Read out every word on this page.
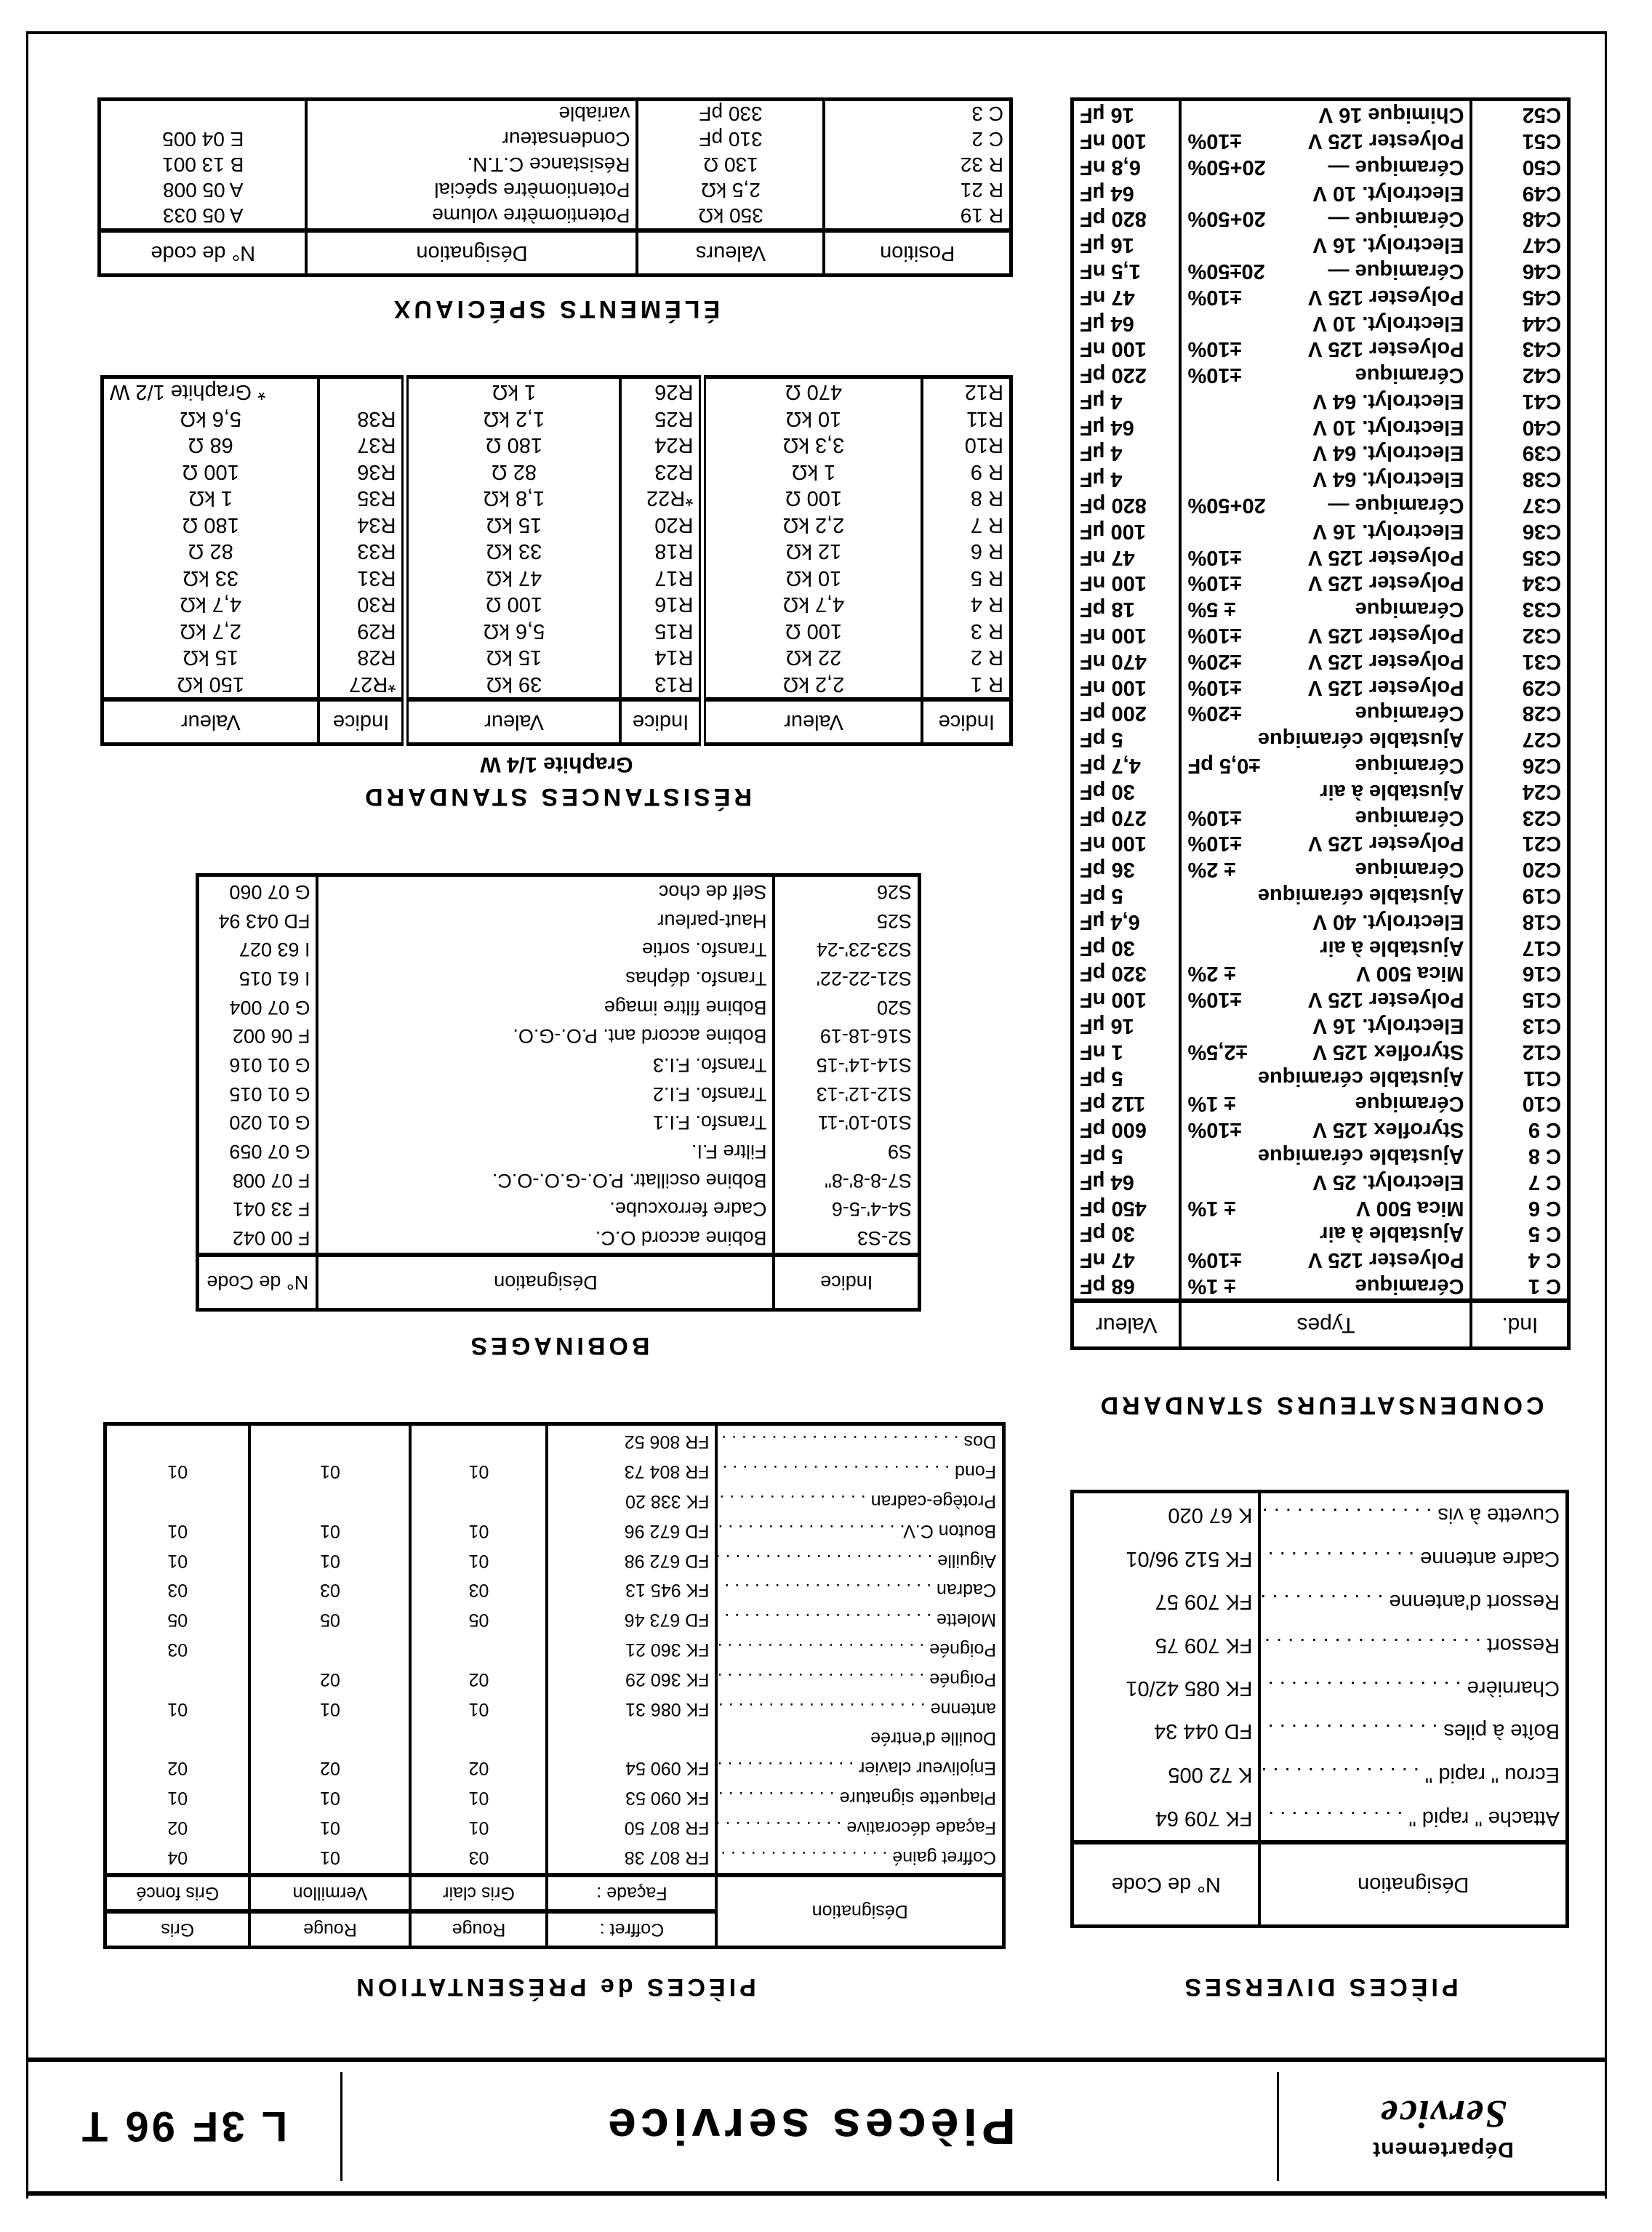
Département
Service
Pièces service
L 3F 96 T
PIÈCES DIVERSES
Désignation	N° de Code
Attache " rapid " . . .	FK 709 64
Ecrou " rapid " . . .	K 72 005
Boîte à piles . . .	FD 044 34
Charnière . . .	FK 085 42/01
Ressort . . .	FK 709 75
Ressort d'antenne . . .	FK 709 57
Cadre antenne . . .	FK 512 96/01
Cuvette à vis . . .	K 67 020
PIÈCES de PRÉSENTATION
Désignation	Coffret :	Rouge	Rouge	Gris
	Façade :	Gris clair	Vermillon	Gris foncé
Coffret gainé . . .	FR 807 38	03	01	04
Façade décorative . . .	FR 807 50	01	01	02
Plaquette signature . . .	FK 090 53	01	01	01
Enjoliveur clavier . . .	FK 090 54	02	02	02
Douille d'entrée				
antenne . . .	FK 086 31	01	01	01
Poignée . . .	FK 360 29	02	02	
Poignée . . .	FK 360 21			03
Molette . . .	FD 673 46	05	05	05
Cadran . . .	FK 945 13	03	03	03
Aiguille . . .	FD 672 98	01	01	01
Bouton C.V. . . .	FD 672 96	01	01	01
Protège-cadran . . .	FK 338 20			
Fond . . .	FR 804 73	01	01	01
Dos . . .	FR 806 52			
CONDENSATEURS STANDARD
Ind.	Types	Valeur
C 1	± 1% Céramique	68 pF
C 4	±10% Polyester 125 V	47 nF
C 5	Ajustable à air	30 pF
C 6	± 1% Mica 500 V	450 pF
C 7	Electrolyt. 25 V	64 µF
C 8	Ajustable céramique	5 pF
C 9	±10% Styroflex 125 V	600 pF
C10	± 1% Céramique	112 pF
C11	Ajustable céramique	5 pF
C12	±2,5% Styroflex 125 V	1 nF
C13	Electrolyt. 16 V	16 µF
C15	±10% Polyester 125 V	100 nF
C16	± 2% Mica 500 V	320 pF
C17	Ajustable à air	30 pF
C18	Electrolyt. 40 V	6,4 µF
C19	Ajustable céramique	5 pF
C20	± 2% Céramique	36 pF
C21	±10% Polyester 125 V	100 nF
C23	±10% Céramique	270 pF
C24	Ajustable à air	30 pF
C26	±0,5 pF Céramique	4,7 pF
C27	Ajustable céramique	5 pF
C28	±20% Céramique	200 pF
C29	±10% Polyester 125 V	100 nF
C31	±20% Polyester 125 V	470 nF
C32	±10% Polyester 125 V	100 nF
C33	± 5% Céramique	18 pF
C34	±10% Polyester 125 V	100 nF
C35	±10% Polyester 125 V	47 nF
C36	Electrolyt. 16 V	100 µF
C37	20+50% Céramique —	820 pF
C38	Electrolyt. 64 V	4 µF
C39	Electrolyt. 64 V	4 µF
C40	Electrolyt. 10 V	64 µF
C41	Electrolyt. 64 V	4 µF
C42	±10% Céramique	220 pF
C43	±10% Polyester 125 V	100 nF
C44	Electrolyt. 10 V	64 µF
C45	±10% Polyester 125 V	47 nF
C46	20±50% Céramique —	1,5 nF
C47	Electrolyt. 16 V	16 µF
C48	20+50% Céramique —	820 pF
C49	Electrolyt. 10 V	64 µF
C50	20+50% Céramique —	6,8 nF
C51	±10% Polyester 125 V	100 nF
C52	Chimique 16 V	16 µF
BOBINAGES
Indice	Désignation	N° de Code
S2-S3	Bobine accord O.C.	F 00 042
S4-4'-5-6	Cadre ferroxcube.	F 33 041
S7-8-8'-8"	Bobine oscillatr. P.O.-G.O.-O.C.	F 07 008
S9	Filtre F.I.	G 07 059
S10-10'-11	Transfo. F.I.1	G 01 020
S12-12'-13	Transfo. F.I.2	G 01 015
S14-14'-15	Transfo. F.I.3	G 01 016
S16-18-19	Bobine accord ant. P.O.-G.O.	F 06 002
S20	Bobine filtre image	G 07 004
S21-22-22'	Transfo. déphas	I 61 015
S23-23'-24	Transfo. sortie	I 63 027
S25	Haut-parleur	FD 043 94
S26	Self de choc	G 07 060
RÉSISTANCES STANDARD
Graphite 1/4 W
Indice	Valeur	Indice	Valeur	Indice	Valeur
R 1	2,2 kΩ	R13	39 kΩ	*R27	150 kΩ
R 2	22 kΩ	R14	15 kΩ	R28	15 kΩ
R 3	100 Ω	R15	5,6 kΩ	R29	2,7 kΩ
R 4	4,7 kΩ	R16	100 Ω	R30	4,7 kΩ
R 5	10 kΩ	R17	47 kΩ	R31	33 kΩ
R 6	12 kΩ	R18	33 kΩ	R33	82 Ω
R 7	2,2 kΩ	R20	15 kΩ	R34	180 Ω
R 8	100 Ω	*R22	1,8 kΩ	R35	1 kΩ
R 9	1 kΩ	R23	82 Ω	R36	100 Ω
R10	3,3 kΩ	R24	180 Ω	R37	68 Ω
R11	10 kΩ	R25	1,2 kΩ	R38	5,6 kΩ
R12	470 Ω	R26	1 kΩ		* Graphite 1/2 W
ÉLÉMENTS SPÉCIAUX
Position	Valeurs	Désignation	N° de code
R 19	350 kΩ	Potentiomètre volume	A 05 033
R 21	2,5 kΩ	Potentiomètre spécial	A 05 008
R 32	130 Ω	Résistance C.T.N.	B 13 001
C 2	310 pF	Condensateur	E 04 005
C 3	330 pF	variable	
